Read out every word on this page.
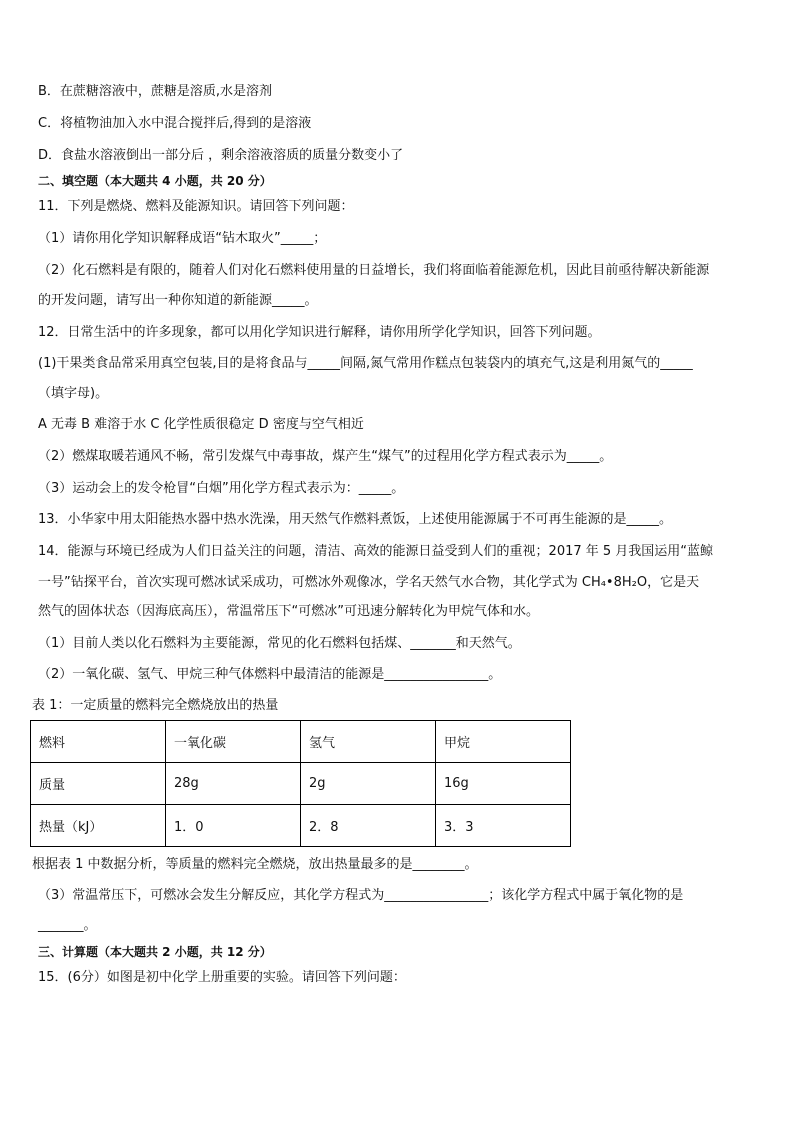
B．在蔗糖溶液中，蔗糖是溶质,水是溶剂
C．将植物油加入水中混合搅拌后,得到的是溶液
D．食盐水溶液倒出一部分后 ，剩余溶液溶质的质量分数变小了
二、填空题（本大题共 4 小题，共 20 分）
11．下列是燃烧、燃料及能源知识。请回答下列问题：
（1）请你用化学知识解释成语“钻木取火”_____；
（2）化石燃料是有限的，随着人们对化石燃料使用量的日益增长，我们将面临着能源危机，因此目前亟待解决新能源
的开发问题，请写出一种你知道的新能源_____。
12．日常生活中的许多现象，都可以用化学知识进行解释，请你用所学化学知识，回答下列问题。
(1)干果类食品常采用真空包装,目的是将食品与_____间隔,氮气常用作糕点包装袋内的填充气,这是利用氮气的_____
（填字母)。
A 无毒 B 难溶于水 C 化学性质很稳定 D 密度与空气相近
（2）燃煤取暖若通风不畅，常引发煤气中毒事故，煤产生“煤气”的过程用化学方程式表示为_____。
（3）运动会上的发令枪冒“白烟”用化学方程式表示为：_____。
13．小华家中用太阳能热水器中热水洗澡，用天然气作燃料煮饭，上述使用能源属于不可再生能源的是_____。
14．能源与环境已经成为人们日益关注的问题，清洁、高效的能源日益受到人们的重视；2017 年 5 月我国运用“蓝鲸
一号”钻探平台，首次实现可燃冰试采成功，可燃冰外观像冰，学名天然气水合物，其化学式为 CH₄•8H₂O，它是天
然气的固体状态（因海底高压），常温常压下“可燃冰”可迅速分解转化为甲烷气体和水。
（1）目前人类以化石燃料为主要能源，常见的化石燃料包括煤、_______和天然气。
（2）一氧化碳、氢气、甲烷三种气体燃料中最清洁的能源是________________。
表 1：一定质量的燃料完全燃烧放出的热量
燃料	一氧化碳	氢气	甲烷
质量	28g	2g	16g
热量（kJ）	1．0	2．8	3．3
根据表 1 中数据分析，等质量的燃料完全燃烧，放出热量最多的是________。
（3）常温常压下，可燃冰会发生分解反应，其化学方程式为________________；该化学方程式中属于氧化物的是
_______。
三、计算题（本大题共 2 小题，共 12 分）
15．(6分）如图是初中化学上册重要的实验。请回答下列问题：
